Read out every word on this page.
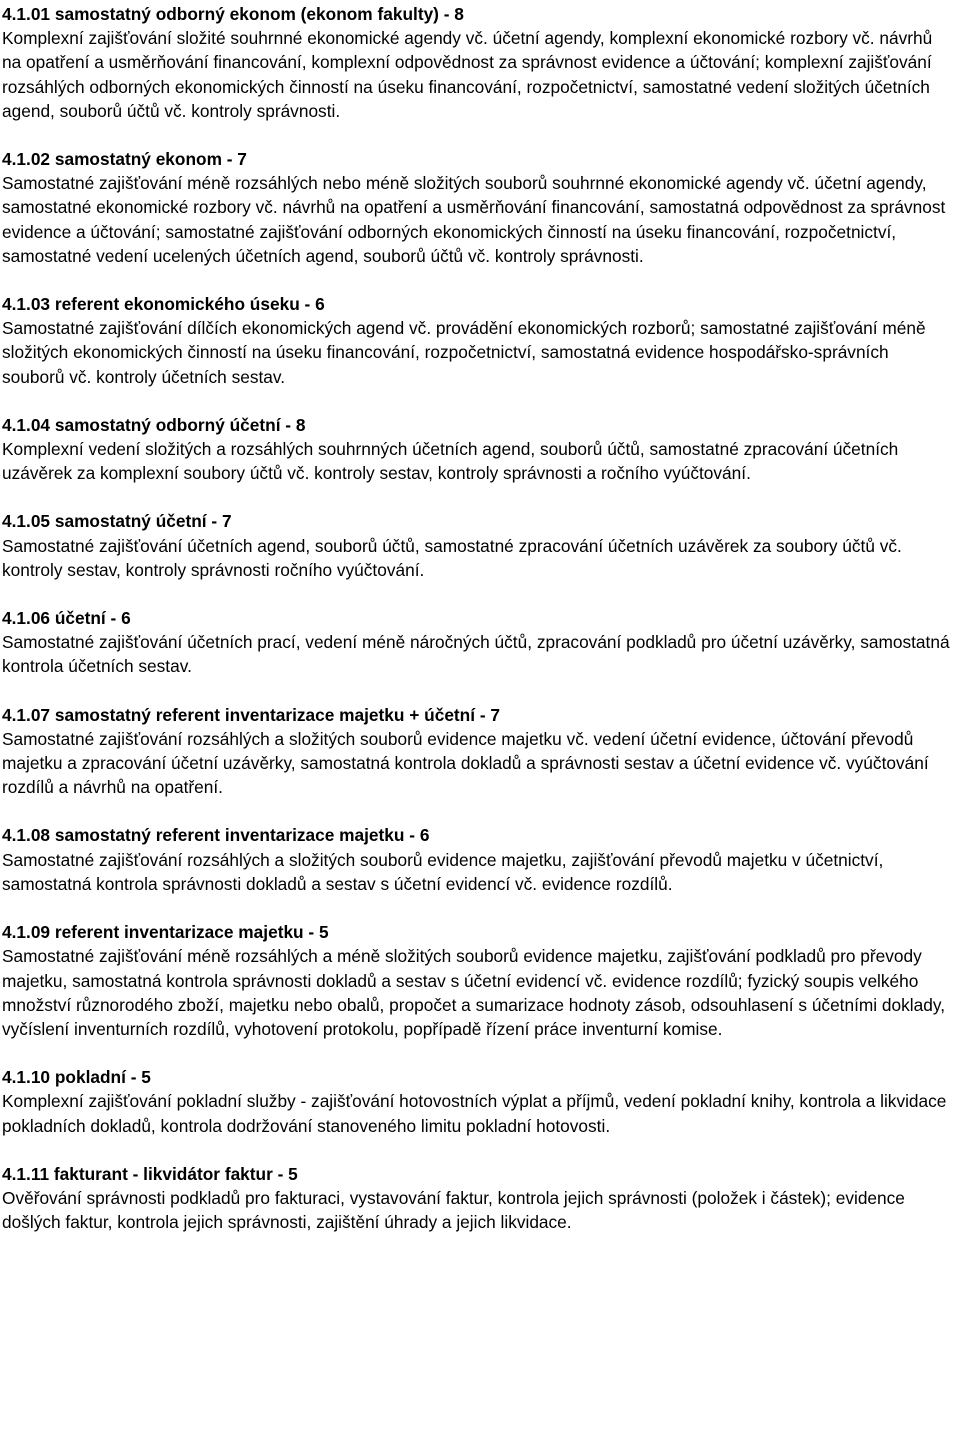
4.1.01 samostatný odborný ekonom (ekonom fakulty) - 8
Komplexní zajišťování složité souhrnné ekonomické agendy vč. účetní agendy, komplexní ekonomické rozbory vč. návrhů na opatření a usměrňování financování, komplexní odpovědnost za správnost evidence a účtování; komplexní zajišťování rozsáhlých odborných ekonomických činností na úseku financování, rozpočetnictví, samostatné vedení složitých účetních agend, souborů účtů vč. kontroly správnosti.
4.1.02 samostatný ekonom - 7
Samostatné zajišťování méně rozsáhlých nebo méně složitých souborů souhrnné ekonomické agendy vč. účetní agendy, samostatné ekonomické rozbory vč. návrhů na opatření a usměrňování financování, samostatná odpovědnost za správnost evidence a účtování; samostatné zajišťování odborných ekonomických činností na úseku financování, rozpočetnictví, samostatné vedení ucelených účetních agend, souborů účtů vč. kontroly správnosti.
4.1.03 referent ekonomického úseku - 6
Samostatné zajišťování dílčích ekonomických agend vč. provádění ekonomických rozborů; samostatné zajišťování méně složitých ekonomických činností na úseku financování, rozpočetnictví, samostatná evidence hospodářsko-správních souborů vč. kontroly účetních sestav.
4.1.04 samostatný odborný účetní - 8
Komplexní vedení složitých a rozsáhlých souhrnných účetních agend, souborů účtů, samostatné zpracování účetních uzávěrek za komplexní soubory účtů vč. kontroly sestav, kontroly správnosti a ročního vyúčtování.
4.1.05 samostatný účetní - 7
Samostatné zajišťování účetních agend, souborů účtů, samostatné zpracování účetních uzávěrek za soubory účtů vč. kontroly sestav, kontroly správnosti ročního vyúčtování.
4.1.06 účetní - 6
Samostatné zajišťování účetních prací, vedení méně náročných účtů, zpracování podkladů pro účetní uzávěrky, samostatná kontrola účetních sestav.
4.1.07 samostatný referent inventarizace majetku + účetní - 7
Samostatné zajišťování rozsáhlých a složitých souborů evidence majetku vč. vedení účetní evidence, účtování převodů majetku a zpracování účetní uzávěrky, samostatná kontrola dokladů a správnosti sestav a účetní evidence vč. vyúčtování rozdílů a návrhů na opatření.
4.1.08 samostatný referent inventarizace majetku - 6
Samostatné zajišťování rozsáhlých a složitých souborů evidence majetku, zajišťování převodů majetku v účetnictví, samostatná kontrola správnosti dokladů a sestav s účetní evidencí vč. evidence rozdílů.
4.1.09 referent inventarizace majetku - 5
Samostatné zajišťování méně rozsáhlých a méně složitých souborů evidence majetku, zajišťování podkladů pro převody majetku, samostatná kontrola správnosti dokladů a sestav s účetní evidencí vč. evidence rozdílů; fyzický soupis velkého množství různorodého zboží, majetku nebo obalů, propočet a sumarizace hodnoty zásob, odsouhlasení s účetními doklady, vyčíslení inventurních rozdílů, vyhotovení protokolu, popřípadě řízení práce inventurní komise.
4.1.10 pokladní - 5
Komplexní zajišťování pokladní služby - zajišťování hotovostních výplat a příjmů, vedení pokladní knihy, kontrola a likvidace pokladních dokladů, kontrola dodržování stanoveného limitu pokladní hotovosti.
4.1.11 fakturant - likvidátor faktur - 5
Ověřování správnosti podkladů pro fakturaci, vystavování faktur, kontrola jejich správnosti (položek i částek); evidence došlých faktur, kontrola jejich správnosti, zajištění úhrady a jejich likvidace.
